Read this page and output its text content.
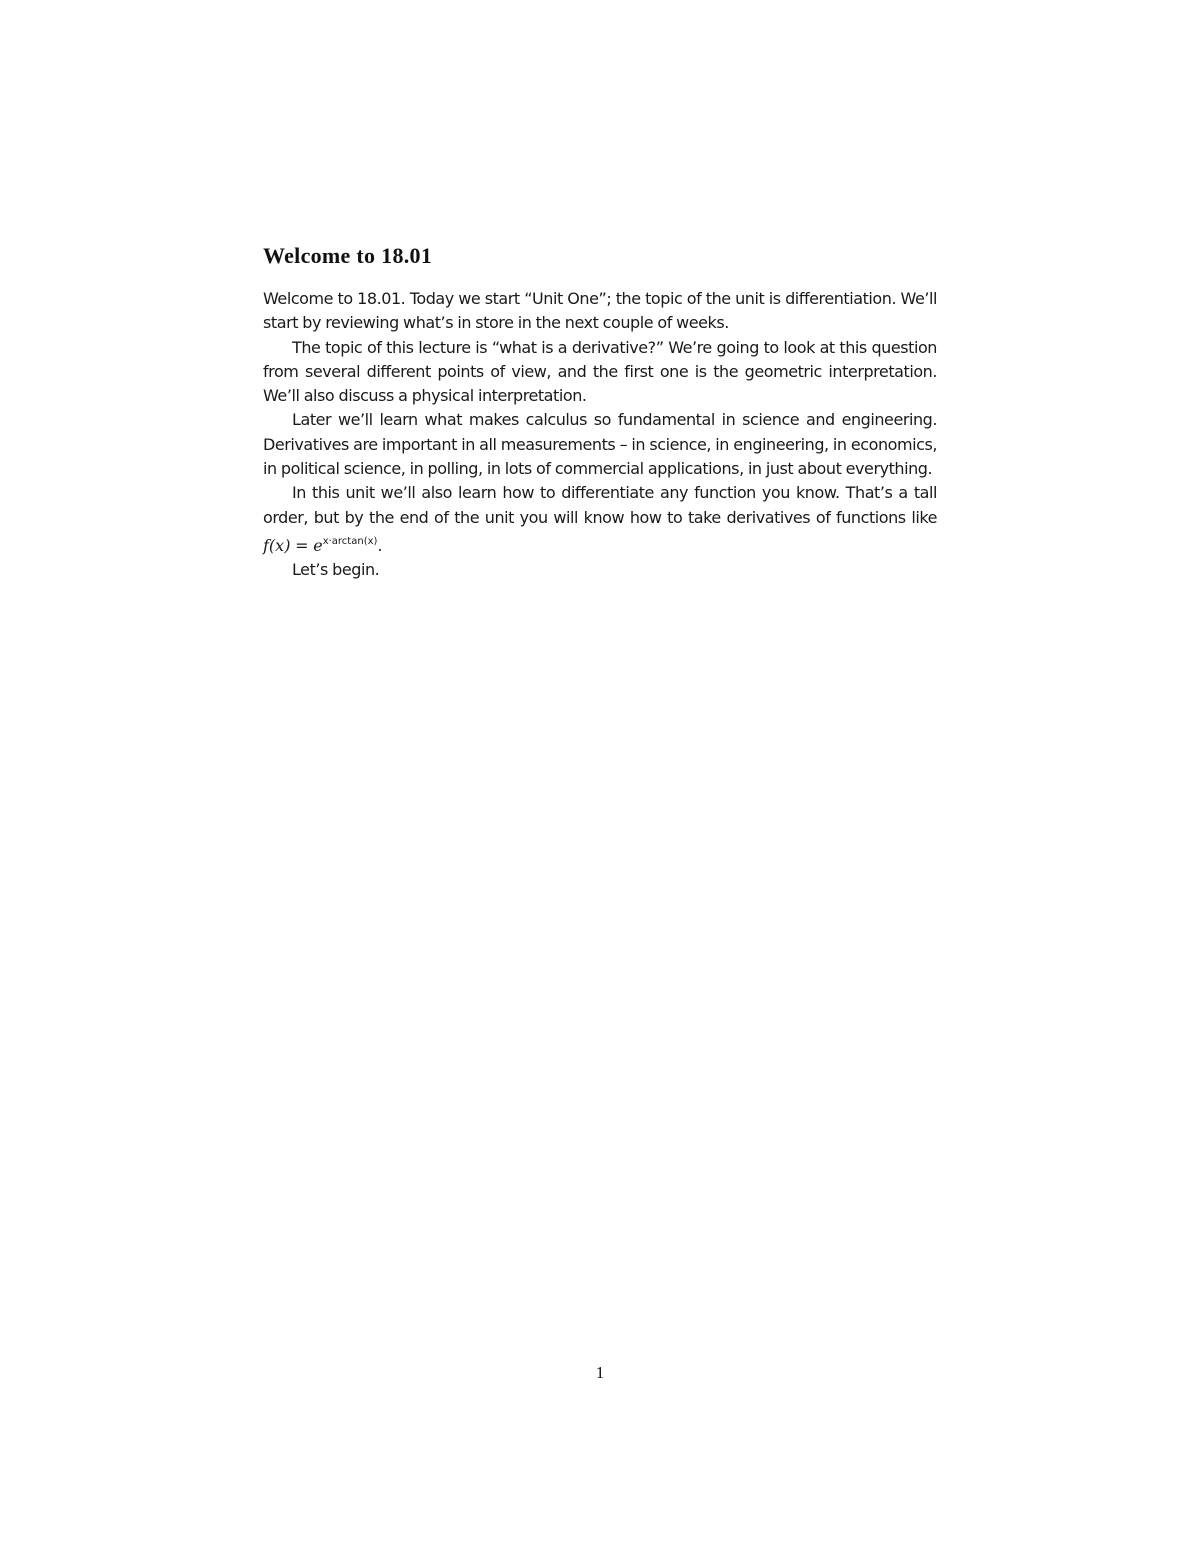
Welcome to 18.01

Welcome to 18.01. Today we start “Unit One”; the topic of the unit is differentiation. We’ll start by reviewing what’s in store in the next couple of weeks.

The topic of this lecture is “what is a derivative?” We’re going to look at this question from several different points of view, and the first one is the geometric interpretation. We’ll also discuss a physical interpretation.

Later we’ll learn what makes calculus so fundamental in science and engineering. Derivatives are important in all measurements – in science, in engineering, in economics, in political science, in polling, in lots of commercial applications, in just about everything.

In this unit we’ll also learn how to differentiate any function you know. That’s a tall order, but by the end of the unit you will know how to take derivatives of functions like $f(x) = e^{x\cdot arctan(x)}$.

Let’s begin.

1
